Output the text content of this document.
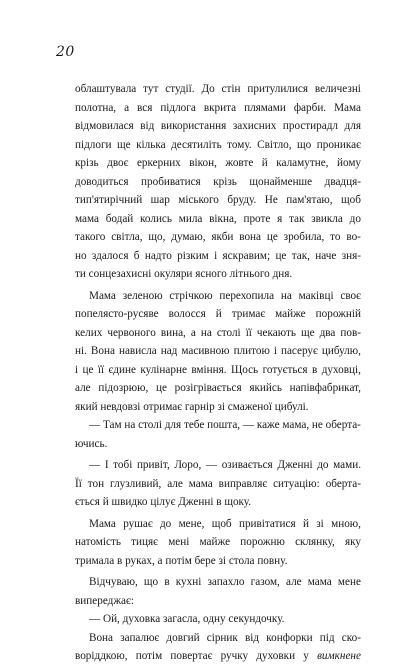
20
облаштувала тут студії. До стін притулилися величезні
полотна, а вся підлога вкрита плямами фарби. Мама
відмовилася від використання захисних простирадл для
підлоги ще кілька десятиліть тому. Світло, що проникає
крізь двоє еркерних вікон, жовте й каламутне, йому
доводиться пробиватися крізь щонайменше двадця-
тип'ятирічний шар міського бруду. Не пам'ятаю, щоб
мама бодай колись мила вікна, проте я так звикла до
такого світла, що, думаю, якби вона це зробила, то во-
но здалося б надто різким і яскравим; це так, наче зня-
ти сонцезахисні окуляри ясного літнього дня.
Мама зеленою стрічкою перехопила на маківці своє
попелясто-русяве волосся й тримає майже порожній
келих червоного вина, а на столі її чекають ще два пов-
ні. Вона нависла над масивною плитою і пасерує цибулю,
і це її єдине кулінарне вміння. Щось готується в духовці,
але підозрюю, це розігрівається якийсь напівфабрикат,
який невдовзі отримає гарнір зі смаженої цибулі.
— Там на столі для тебе пошта, — каже мама, не оберта-
ючись.
— І тобі привіт, Лоро, — озивається Дженні до мами.
Її тон глузливий, але мама виправляє ситуацію: оберта-
ється й швидко цілує Дженні в щоку.
Мама рушає до мене, щоб привітатися й зі мною,
натомість тицяє мені майже порожню склянку, яку
тримала в руках, а потім бере зі стола повну.
Відчуваю, що в кухні запахло газом, але мама мене
випереджає:
— Ой, духовка загасла, одну секундочку.
Вона запалює довгий сірник від конфорки під ско-
воріддкою, потім повертає ручку духовки у вимкнене
